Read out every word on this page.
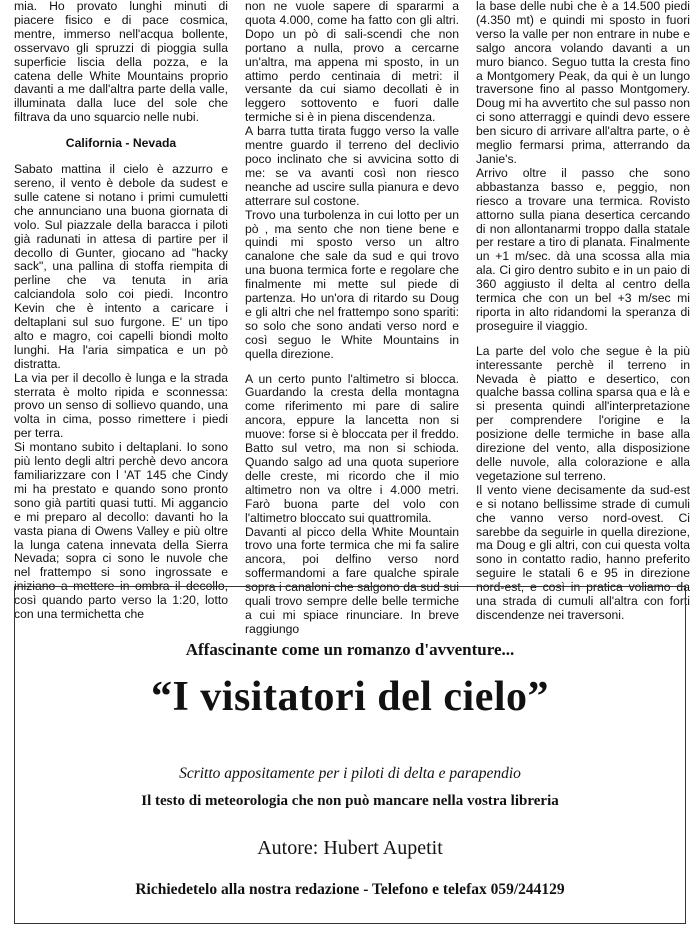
mia. Ho provato lunghi minuti di piacere fisico e di pace cosmica, mentre, immerso nell'acqua bollente, osservavo gli spruzzi di pioggia sulla superficie liscia della pozza, e la catena delle White Mountains proprio davanti a me dall'altra parte della valle, illuminata dalla luce del sole che filtrava da uno squarcio nelle nubi.

California - Nevada

Sabato mattina il cielo è azzurro e sereno, il vento è debole da sudest e sulle catene si notano i primi cumuletti che annunciano una buona giornata di volo. Sul piazzale della baracca i piloti già radunati in attesa di partire per il decollo di Gunter, giocano ad "hacky sack", una pallina di stoffa riempita di perline che va tenuta in aria calciandola solo coi piedi. Incontro Kevin che è intento a caricare i deltaplani sul suo furgone. E' un tipo alto e magro, coi capelli biondi molto lunghi. Ha l'aria simpatica e un pò distratta.

La via per il decollo è lunga e la strada sterrata è molto ripida e sconnessa: provo un senso di sollievo quando, una volta in cima, posso rimettere i piedi per terra.

Si montano subito i deltaplani. Io sono più lento degli altri perchè devo ancora familiarizzare con l 'AT 145 che Cindy mi ha prestato e quando sono pronto sono già partiti quasi tutti. Mi aggancio e mi preparo al decollo: davanti ho la vasta piana di Owens Valley e più oltre la lunga catena innevata della Sierra Nevada; sopra ci sono le nuvole che nel frattempo si sono ingrossate e iniziano a mettere in ombra il decollo, così quando parto verso la 1:20, lotto con una termichetta che

non ne vuole sapere di spararmi a quota 4.000, come ha fatto con gli altri. Dopo un pò di sali-scendi che non portano a nulla, provo a cercarne un'altra, ma appena mi sposto, in un attimo perdo centinaia di metri: il versante da cui siamo decollati è in leggero sottovento e fuori dalle termiche si è in piena discendenza.

A barra tutta tirata fuggo verso la valle mentre guardo il terreno del declivio poco inclinato che si avvicina sotto di me: se va avanti così non riesco neanche ad uscire sulla pianura e devo atterrare sul costone.

Trovo una turbolenza in cui lotto per un pò , ma sento che non tiene bene e quindi mi sposto verso un altro canalone che sale da sud e qui trovo una buona termica forte e regolare che finalmente mi mette sul piede di partenza. Ho un'ora di ritardo su Doug e gli altri che nel frattempo sono spariti: so solo che sono andati verso nord e così seguo le White Mountains in quella direzione.

A un certo punto l'altimetro si blocca. Guardando la cresta della montagna come riferimento mi pare di salire ancora, eppure la lancetta non si muove: forse si è bloccata per il freddo. Batto sul vetro, ma non si schioda. Quando salgo ad una quota superiore delle creste, mi ricordo che il mio altimetro non va oltre i 4.000 metri. Farò buona parte del volo con l'altimetro bloccato sui quattromila.

Davanti al picco della White Mountain trovo una forte termica che mi fa salire ancora, poi delfino verso nord soffermandomi a fare qualche spirale sopra i canaloni che salgono da sud sui quali trovo sempre delle belle termiche a cui mi spiace rinunciare. In breve raggiungo

la base delle nubi che è a 14.500 piedi (4.350 mt) e quindi mi sposto in fuori verso la valle per non entrare in nube e salgo ancora volando davanti a un muro bianco. Seguo tutta la cresta fino a Montgomery Peak, da qui è un lungo traversone fino al passo Montgomery. Doug mi ha avvertito che sul passo non ci sono atterraggi e quindi devo essere ben sicuro di arrivare all'altra parte, o è meglio fermarsi prima, atterrando da Janie's.

Arrivo oltre il passo che sono abbastanza basso e, peggio, non riesco a trovare una termica. Rovisto attorno sulla piana desertica cercando di non allontanarmi troppo dalla statale per restare a tiro di planata. Finalmente un +1 m/sec. dà una scossa alla mia ala. Ci giro dentro subito e in un paio di 360 aggiusto il delta al centro della termica che con un bel +3 m/sec mi riporta in alto ridandomi la speranza di proseguire il viaggio.

La parte del volo che segue è la più interessante perchè il terreno in Nevada è piatto e desertico, con qualche bassa collina sparsa qua e là e si presenta quindi all'interpretazione per comprendere l'origine e la posizione delle termiche in base alla direzione del vento, alla disposizione delle nuvole, alla colorazione e alla vegetazione sul terreno.

Il vento viene decisamente da sud-est e si notano bellissime strade di cumuli che vanno verso nord-ovest. Ci sarebbe da seguirle in quella direzione, ma Doug e gli altri, con cui questa volta sono in contatto radio, hanno preferito seguire le statali 6 e 95 in direzione nord-est, e così in pratica voliamo da una strada di cumuli all'altra con forti discendenze nei traversoni.

Affascinante come un romanzo d'avventure...
“I visitatori del cielo”
Scritto appositamente per i piloti di delta e parapendio
Il testo di meteorologia che non può mancare nella vostra libreria
Autore: Hubert Aupetit
Richiedetelo alla nostra redazione - Telefono e telefax 059/244129
